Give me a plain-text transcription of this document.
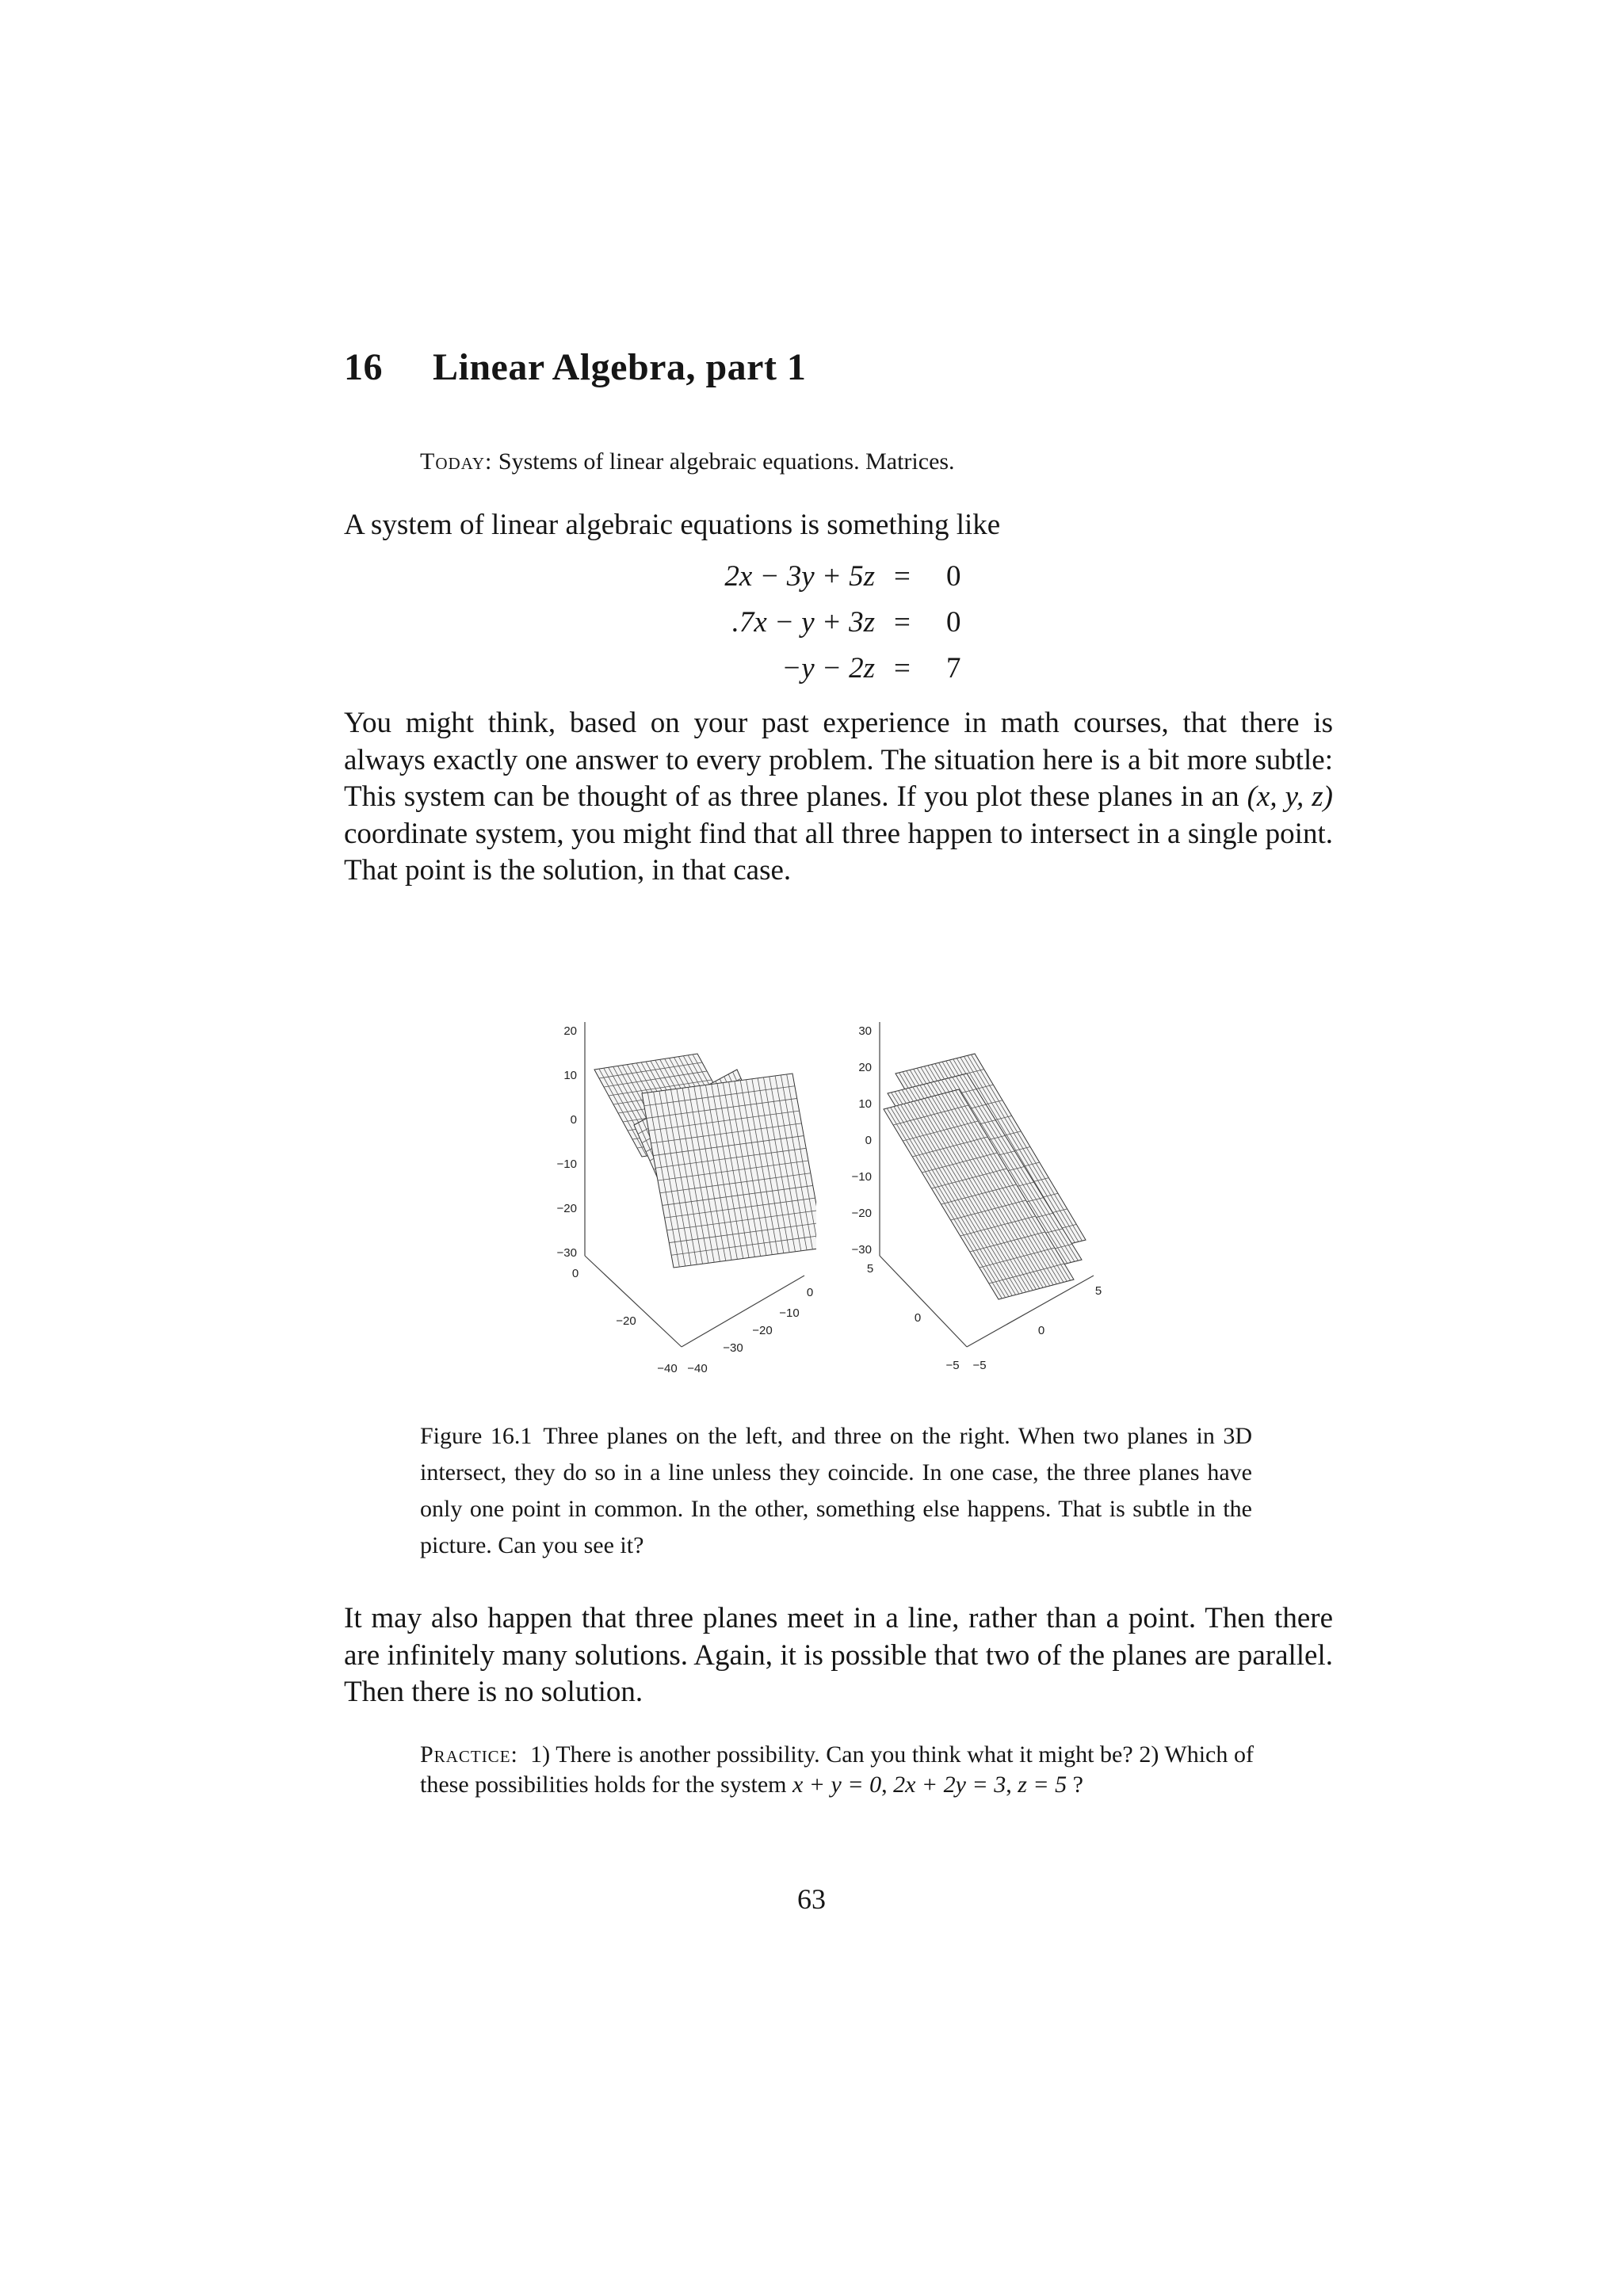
16 Linear Algebra, part 1
Today: Systems of linear algebraic equations. Matrices.

A system of linear algebraic equations is something like

2x − 3y + 5z = 0
.7x − y + 3z = 0
−y − 2z = 7

You might think, based on your past experience in math courses, that there is always exactly one answer to every problem. The situation here is a bit more subtle: This system can be thought of as three planes. If you plot these planes in an (x, y, z) coordinate system, you might find that all three happen to intersect in a single point. That point is the solution, in that case.

20
10
0
−10
−20
−30
0
−20
−40 −40
−30
−20
−10
0
30
20
10
0
−10
−20
−30
5
0
−5 −5
0
5

Figure 16.1 Three planes on the left, and three on the right. When two planes in 3D intersect, they do so in a line unless they coincide. In one case, the three planes have only one point in common. In the other, something else happens. That is subtle in the picture. Can you see it?

It may also happen that three planes meet in a line, rather than a point. Then there are infinitely many solutions. Again, it is possible that two of the planes are parallel. Then there is no solution.

Practice: 1) There is another possibility. Can you think what it might be? 2) Which of these possibilities holds for the system x + y = 0, 2x + 2y = 3, z = 5 ?

63
